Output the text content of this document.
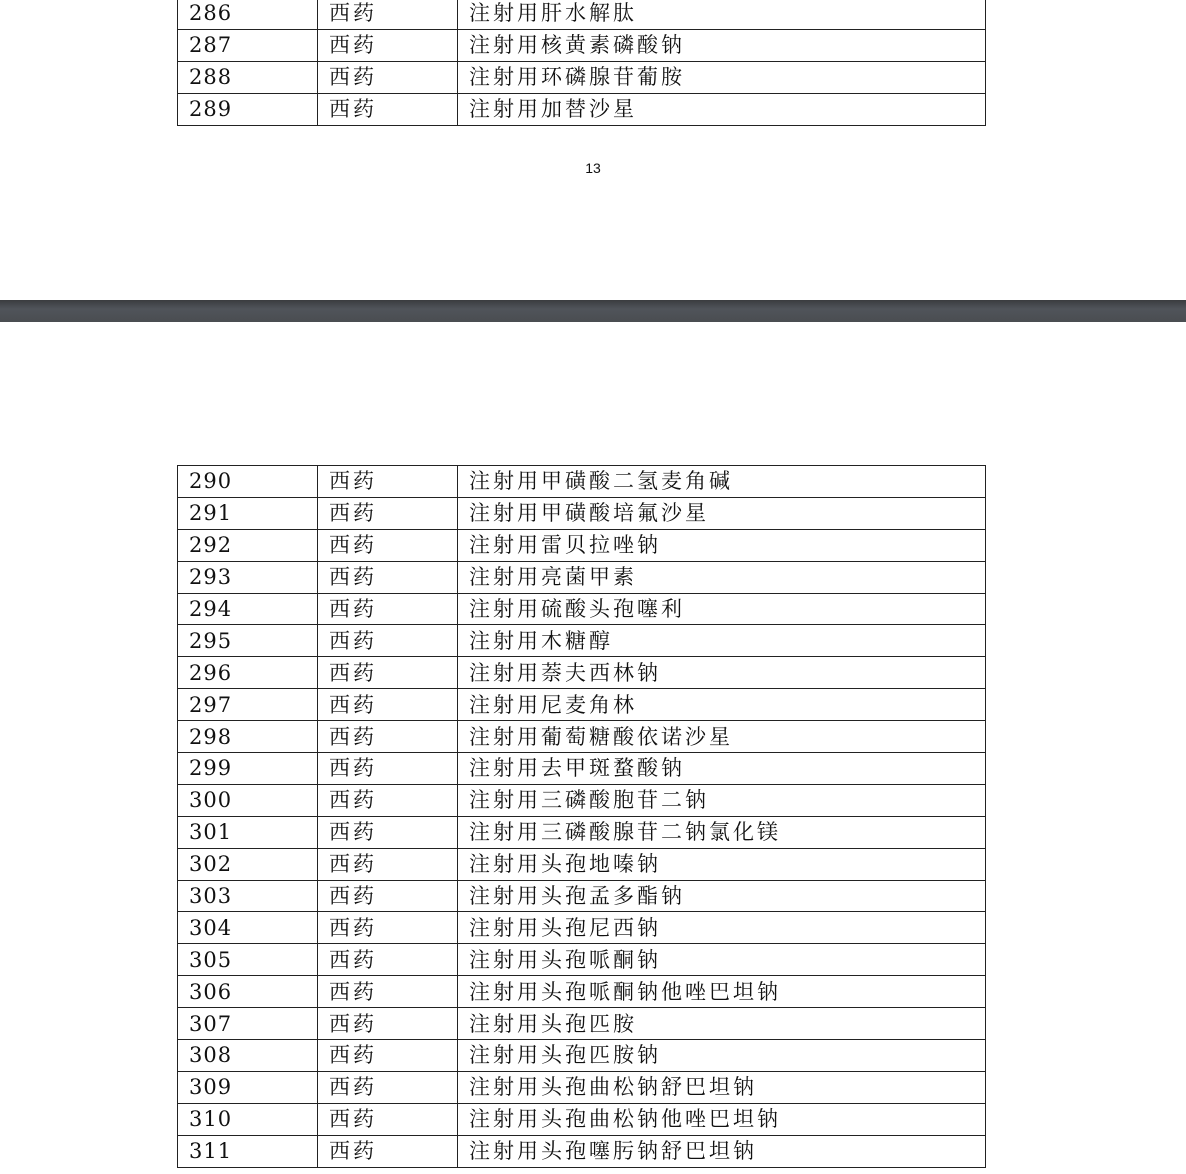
286	西药	注射用肝水解肽
287	西药	注射用核黄素磷酸钠
288	西药	注射用环磷腺苷葡胺
289	西药	注射用加替沙星
13
290	西药	注射用甲磺酸二氢麦角碱
291	西药	注射用甲磺酸培氟沙星
292	西药	注射用雷贝拉唑钠
293	西药	注射用亮菌甲素
294	西药	注射用硫酸头孢噻利
295	西药	注射用木糖醇
296	西药	注射用萘夫西林钠
297	西药	注射用尼麦角林
298	西药	注射用葡萄糖酸依诺沙星
299	西药	注射用去甲斑蝥酸钠
300	西药	注射用三磷酸胞苷二钠
301	西药	注射用三磷酸腺苷二钠氯化镁
302	西药	注射用头孢地嗪钠
303	西药	注射用头孢孟多酯钠
304	西药	注射用头孢尼西钠
305	西药	注射用头孢哌酮钠
306	西药	注射用头孢哌酮钠他唑巴坦钠
307	西药	注射用头孢匹胺
308	西药	注射用头孢匹胺钠
309	西药	注射用头孢曲松钠舒巴坦钠
310	西药	注射用头孢曲松钠他唑巴坦钠
311	西药	注射用头孢噻肟钠舒巴坦钠
